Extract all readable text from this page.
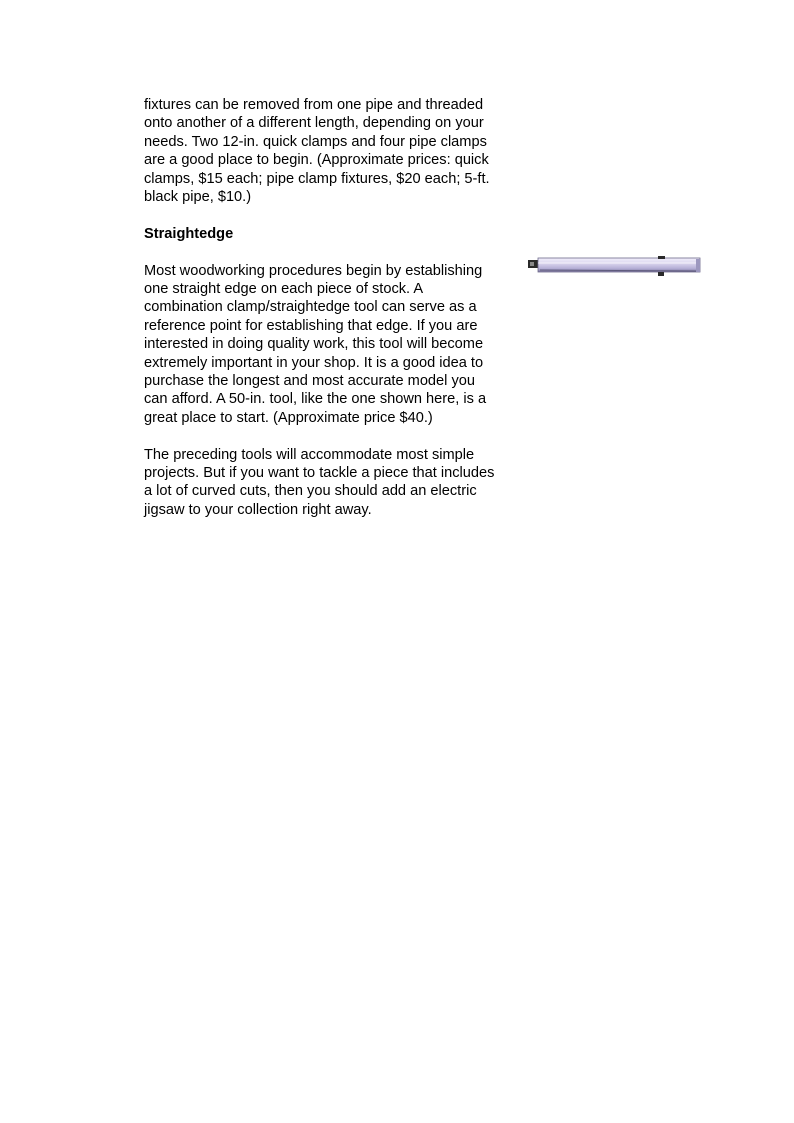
fixtures can be removed from one pipe and threaded onto another of a different length, depending on your needs. Two 12-in. quick clamps and four pipe clamps are a good place to begin. (Approximate prices: quick clamps, $15 each; pipe clamp fixtures, $20 each; 5-ft. black pipe, $10.)

Straightedge

Most woodworking procedures begin by establishing one straight edge on each piece of stock. A combination clamp/straightedge tool can serve as a reference point for establishing that edge. If you are interested in doing quality work, this tool will become extremely important in your shop. It is a good idea to purchase the longest and most accurate model you can afford. A 50-in. tool, like the one shown here, is a great place to start. (Approximate price $40.)

The preceding tools will accommodate most simple projects. But if you want to tackle a piece that includes a lot of curved cuts, then you should add an electric jigsaw to your collection right away.
